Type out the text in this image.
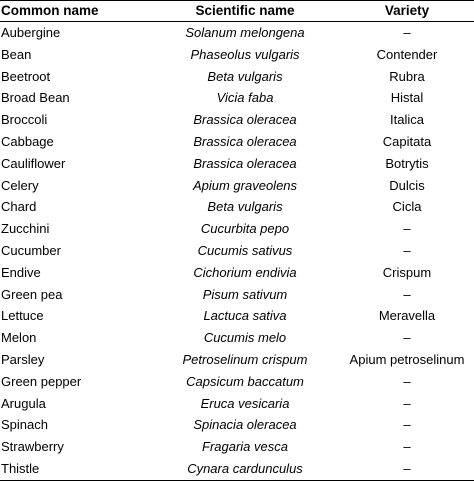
Common name	Scientific name	Variety
Aubergine	Solanum melongena	–
Bean	Phaseolus vulgaris	Contender
Beetroot	Beta vulgaris	Rubra
Broad Bean	Vicia faba	Histal
Broccoli	Brassica oleracea	Italica
Cabbage	Brassica oleracea	Capitata
Cauliflower	Brassica oleracea	Botrytis
Celery	Apium graveolens	Dulcis
Chard	Beta vulgaris	Cicla
Zucchini	Cucurbita pepo	–
Cucumber	Cucumis sativus	–
Endive	Cichorium endivia	Crispum
Green pea	Pisum sativum	–
Lettuce	Lactuca sativa	Meravella
Melon	Cucumis melo	–
Parsley	Petroselinum crispum	Apium petroselinum
Green pepper	Capsicum baccatum	–
Arugula	Eruca vesicaria	–
Spinach	Spinacia oleracea	–
Strawberry	Fragaria vesca	–
Thistle	Cynara cardunculus	–
